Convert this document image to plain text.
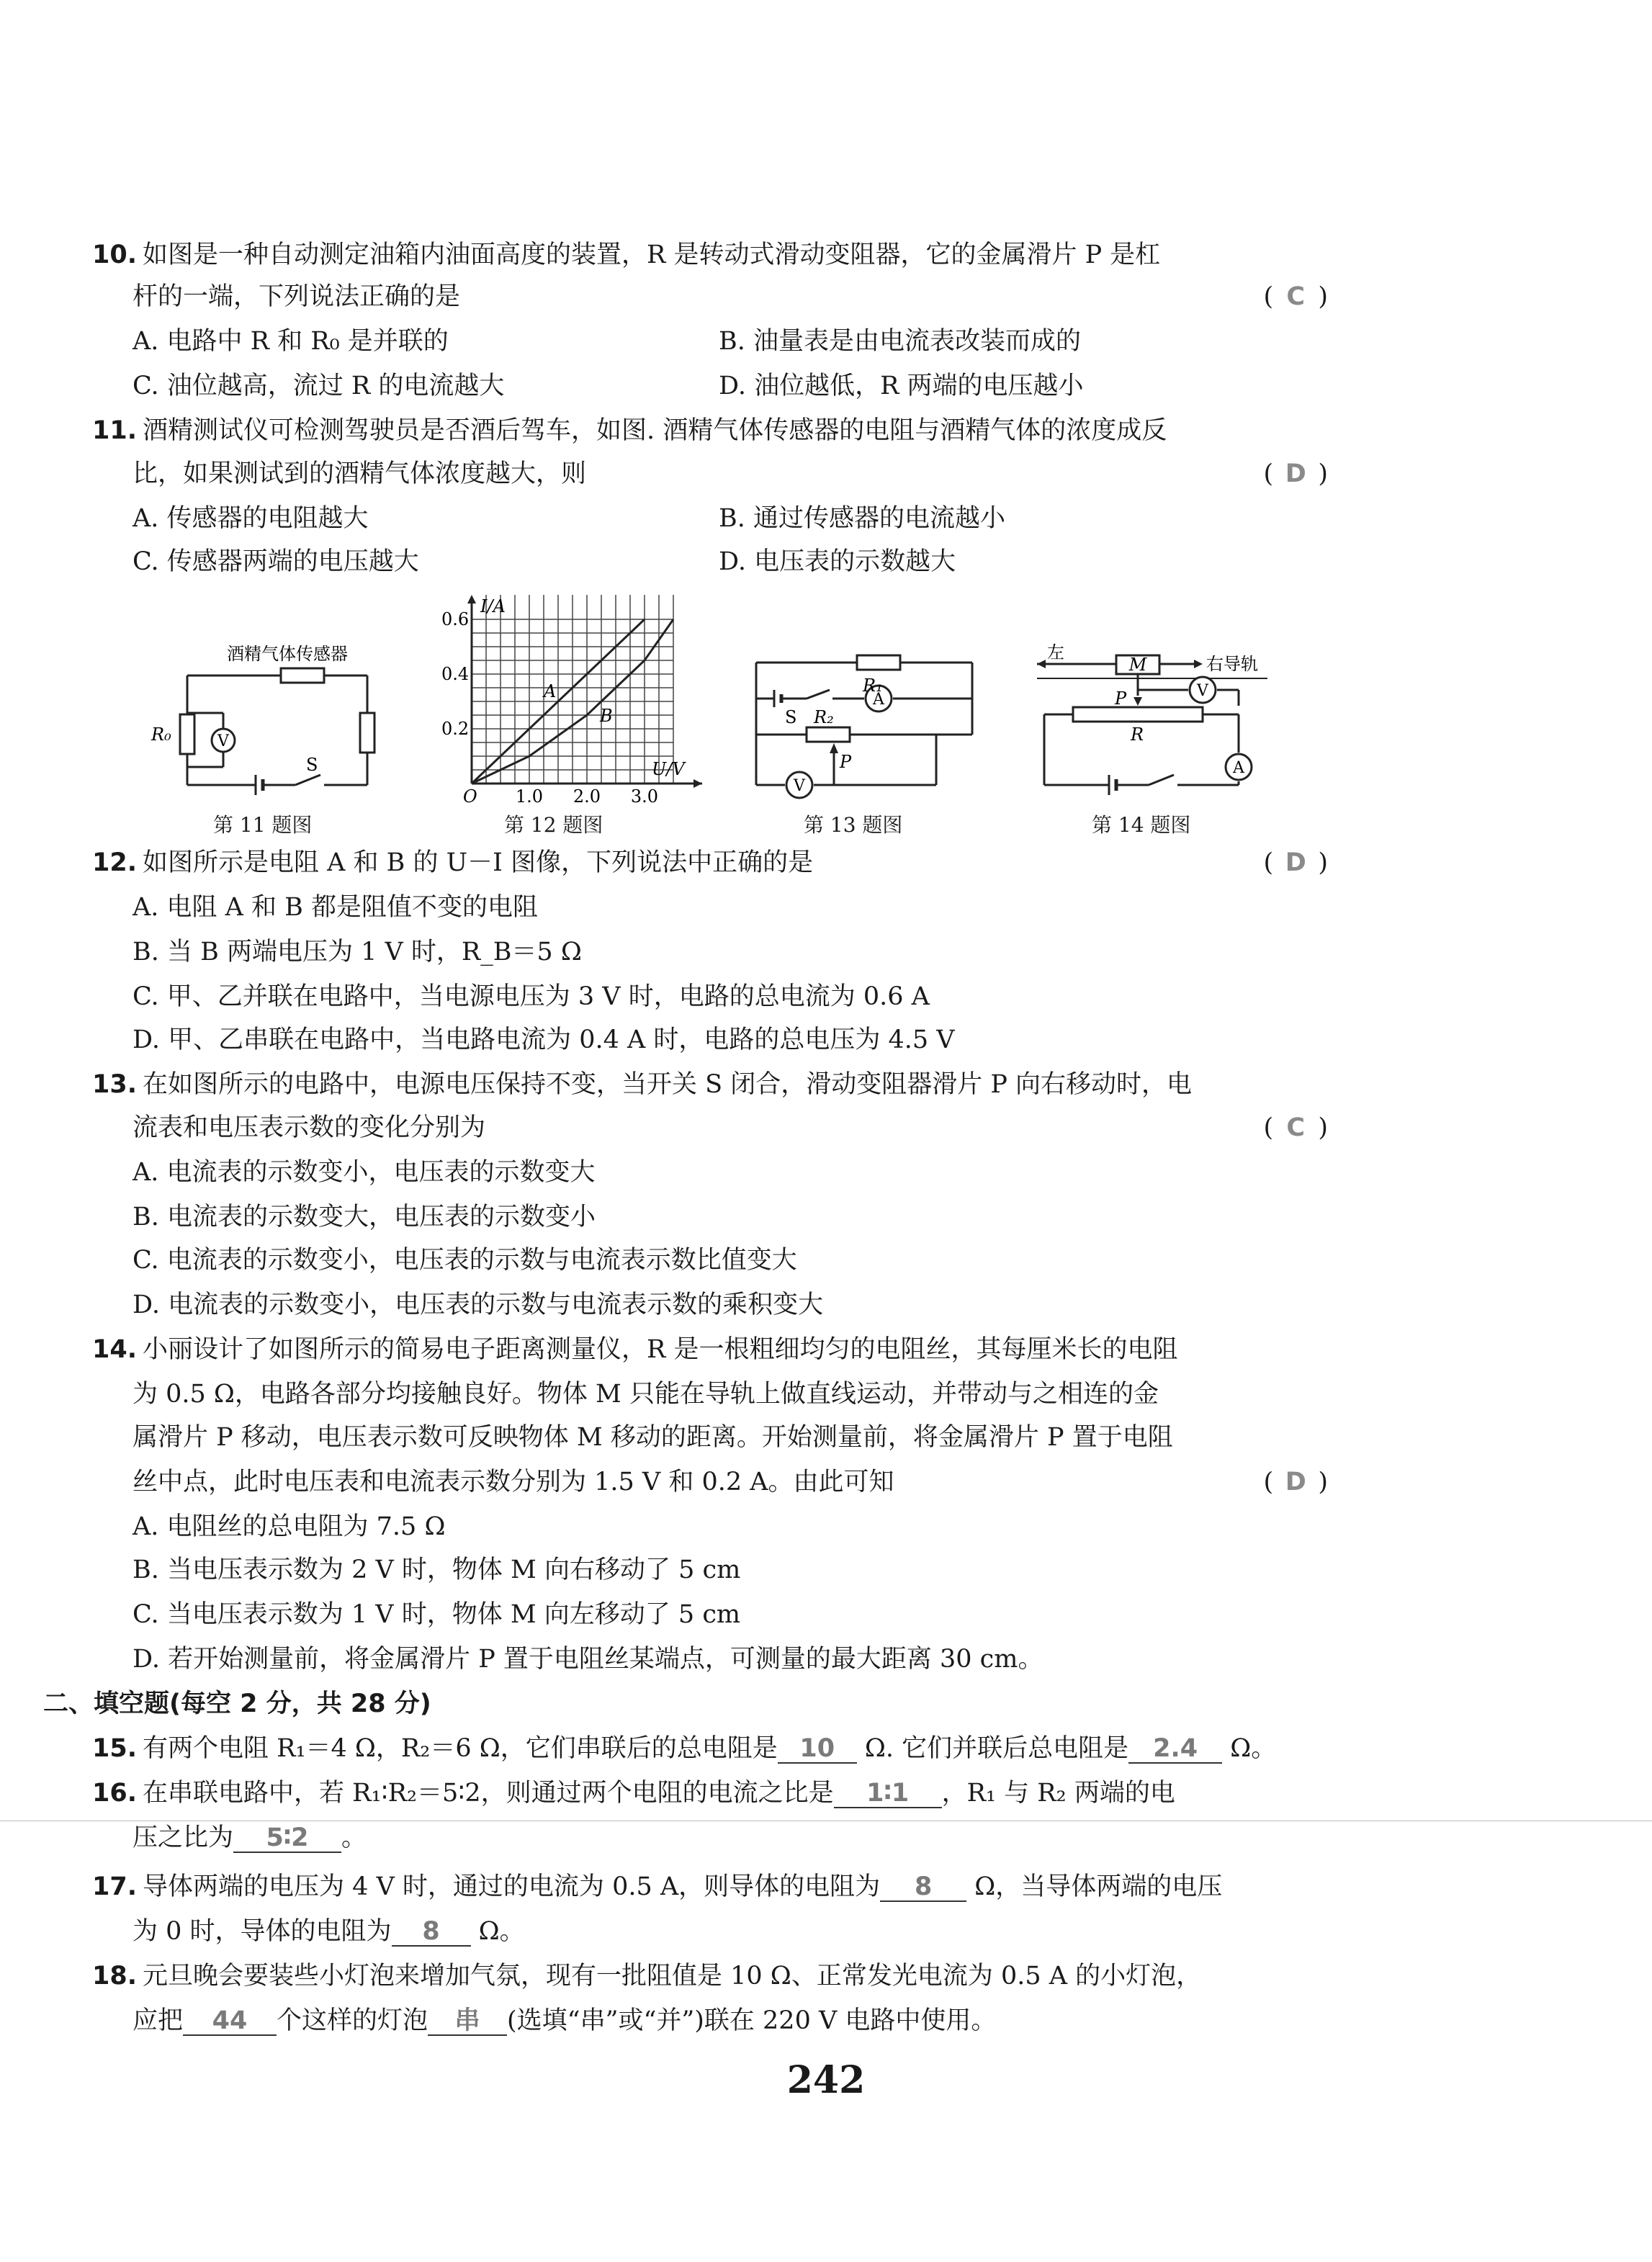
10. 如图是一种自动测定油箱内油面高度的装置，R 是转动式滑动变阻器，它的金属滑片 P 是杠
杆的一端，下列说法正确的是	( C )
A. 电路中 R 和 R₀ 是并联的	B. 油量表是由电流表改装而成的
C. 油位越高，流过 R 的电流越大	D. 油位越低，R 两端的电压越小
11. 酒精测试仪可检测驾驶员是否酒后驾车，如图. 酒精气体传感器的电阻与酒精气体的浓度成反
比，如果测试到的酒精气体浓度越大，则	( D )
A. 传感器的电阻越大	B. 通过传感器的电流越小
C. 传感器两端的电压越大	D. 电压表的示数越大
V
R₀
S
酒精气体传感器
第 11 题图
I/A
U/V
O
0.2
0.4
0.6
1.0 2.0 3.0
A
B
第 12 题图
A
V
R₁
R₂
S
P
第 13 题图
V
A
左
M	右导轨
P
R
第 14 题图
12. 如图所示是电阻 A 和 B 的 U－I 图像，下列说法中正确的是	( D )
A. 电阻 A 和 B 都是阻值不变的电阻
B. 当 B 两端电压为 1 V 时，R_B＝5 Ω
C. 甲、乙并联在电路中，当电源电压为 3 V 时，电路的总电流为 0.6 A
D. 甲、乙串联在电路中，当电路电流为 0.4 A 时，电路的总电压为 4.5 V
13. 在如图所示的电路中，电源电压保持不变，当开关 S 闭合，滑动变阻器滑片 P 向右移动时，电
流表和电压表示数的变化分别为	( C )
A. 电流表的示数变小，电压表的示数变大
B. 电流表的示数变大，电压表的示数变小
C. 电流表的示数变小，电压表的示数与电流表示数比值变大
D. 电流表的示数变小，电压表的示数与电流表示数的乘积变大
14. 小丽设计了如图所示的简易电子距离测量仪，R 是一根粗细均匀的电阻丝，其每厘米长的电阻
为 0.5 Ω，电路各部分均接触良好。物体 M 只能在导轨上做直线运动，并带动与之相连的金
属滑片 P 移动，电压表示数可反映物体 M 移动的距离。开始测量前，将金属滑片 P 置于电阻
丝中点，此时电压表和电流表示数分别为 1.5 V 和 0.2 A。由此可知	( D )
A. 电阻丝的总电阻为 7.5 Ω
B. 当电压表示数为 2 V 时，物体 M 向右移动了 5 cm
C. 当电压表示数为 1 V 时，物体 M 向左移动了 5 cm
D. 若开始测量前，将金属滑片 P 置于电阻丝某端点，可测量的最大距离 30 cm。
二、填空题(每空 2 分，共 28 分)
15. 有两个电阻 R₁＝4 Ω，R₂＝6 Ω，它们串联后的总电阻是 10 Ω. 它们并联后总电阻是 2.4 Ω。
16. 在串联电路中，若 R₁∶R₂＝5∶2，则通过两个电阻的电流之比是 1∶1 ，R₁ 与 R₂ 两端的电
压之比为 5∶2 。
17. 导体两端的电压为 4 V 时，通过的电流为 0.5 A，则导体的电阻为 8 Ω，当导体两端的电压
为 0 时，导体的电阻为 8 Ω。
18. 元旦晚会要装些小灯泡来增加气氛，现有一批阻值是 10 Ω、正常发光电流为 0.5 A 的小灯泡，
应把 44 个这样的灯泡 串 (选填“串”或“并”)联在 220 V 电路中使用。
242
